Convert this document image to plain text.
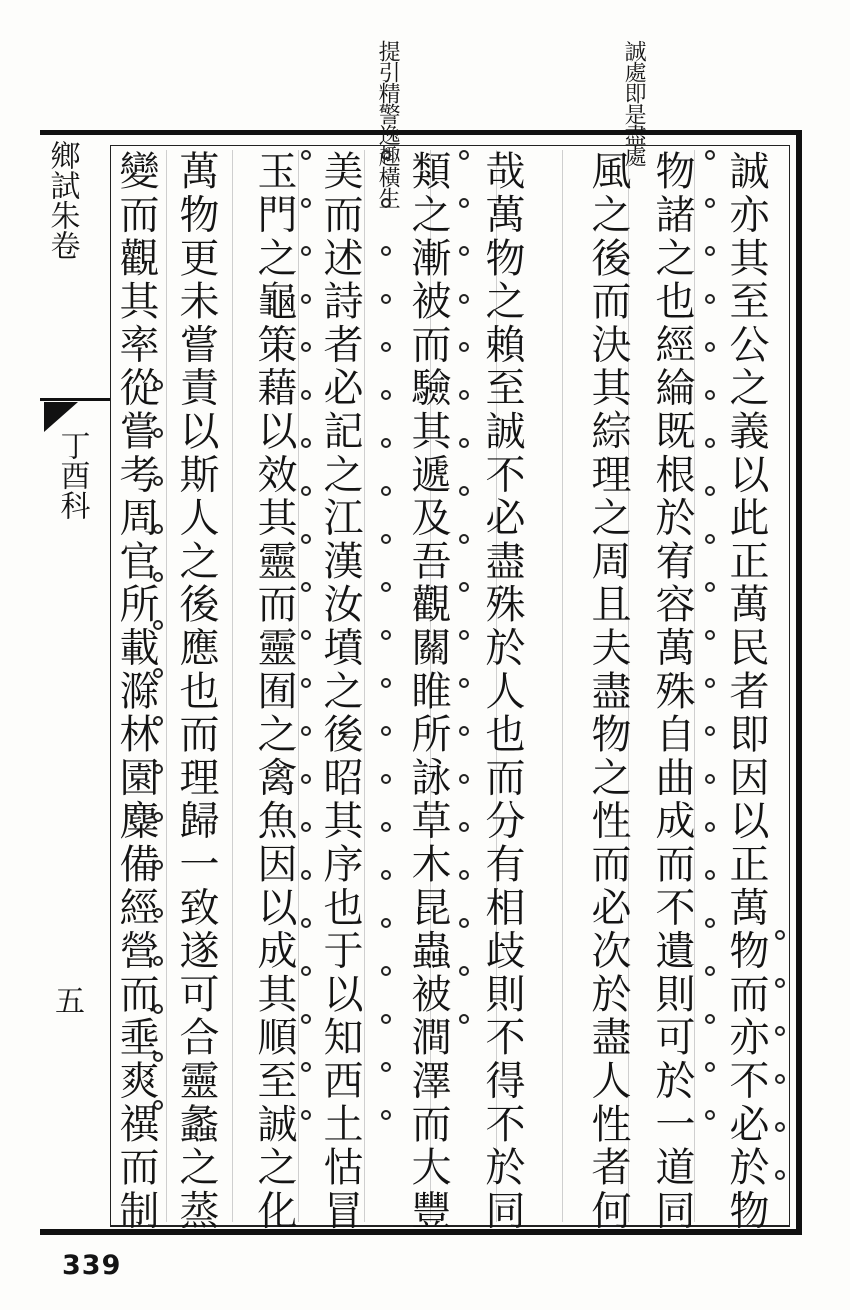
誠處即是盡處
提引精警逸趣橫生
鄉試朱卷
丁酉科
五	誠亦其至公之義以此正萬民者即因以正萬物而亦不必於物
物諸之也經綸既根於宥容萬殊自曲成而不遺則可於一道同
風之後而決其綜理之周且夫盡物之性而必次於盡人性者何
哉萬物之賴至誠不必盡殊於人也而分有相歧則不得不於同
類之漸被而驗其遞及吾觀關睢所詠草木昆蟲被澗澤而大豐
美而述詩者必記之江漢汝墳之後昭其序也于以知西土怙冒
玉門之龜策藉以效其靈而靈囿之禽魚因以成其順至誠之化
萬物更未嘗責以斯人之後應也而理歸一致遂可合靈蠡之蒸
變而觀其率從嘗考周官所載滁林園麋備經營而埀爽禩而制
339
